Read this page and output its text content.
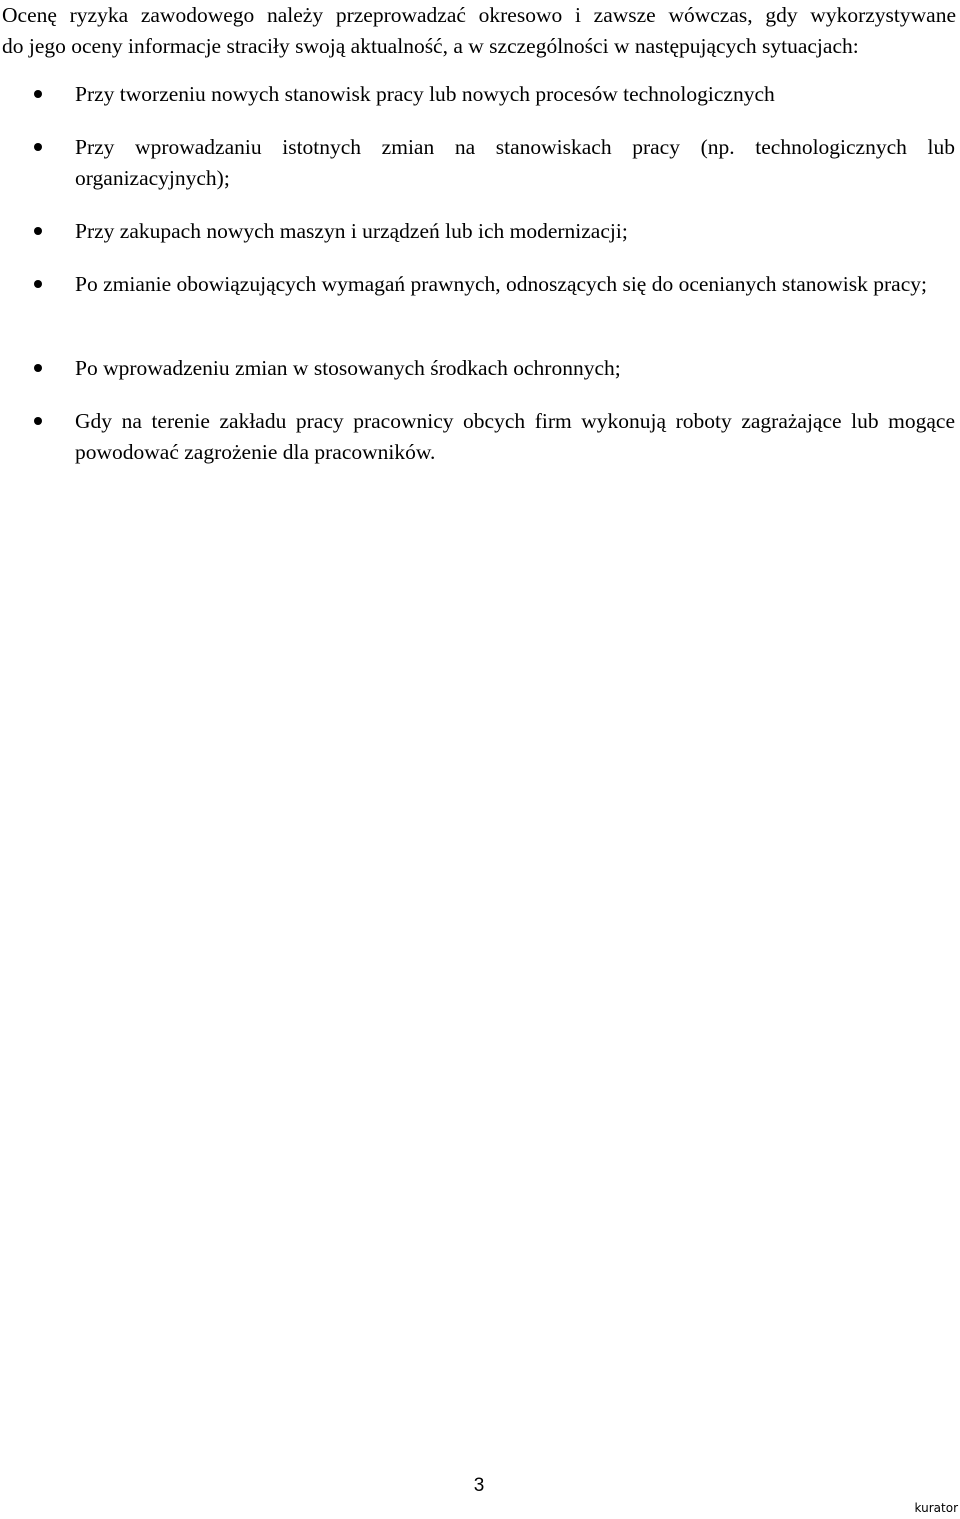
Ocenę ryzyka zawodowego należy przeprowadzać okresowo i zawsze wówczas, gdy wykorzystywane
do jego oceny informacje straciły swoją aktualność, a w szczególności w następujących sytuacjach:

Przy tworzeniu nowych stanowisk pracy lub nowych procesów technologicznych
Przy wprowadzaniu istotnych zmian na stanowiskach pracy (np. technologicznych lub organizacyjnych);
Przy zakupach nowych maszyn i urządzeń lub ich modernizacji;
Po zmianie obowiązujących wymagań prawnych, odnoszących się do ocenianych stanowisk pracy;
Po wprowadzeniu zmian w stosowanych środkach ochronnych;
Gdy na terenie zakładu pracy pracownicy obcych firm wykonują roboty zagrażające lub mogące powodować zagrożenie dla pracowników.
3
kurator
